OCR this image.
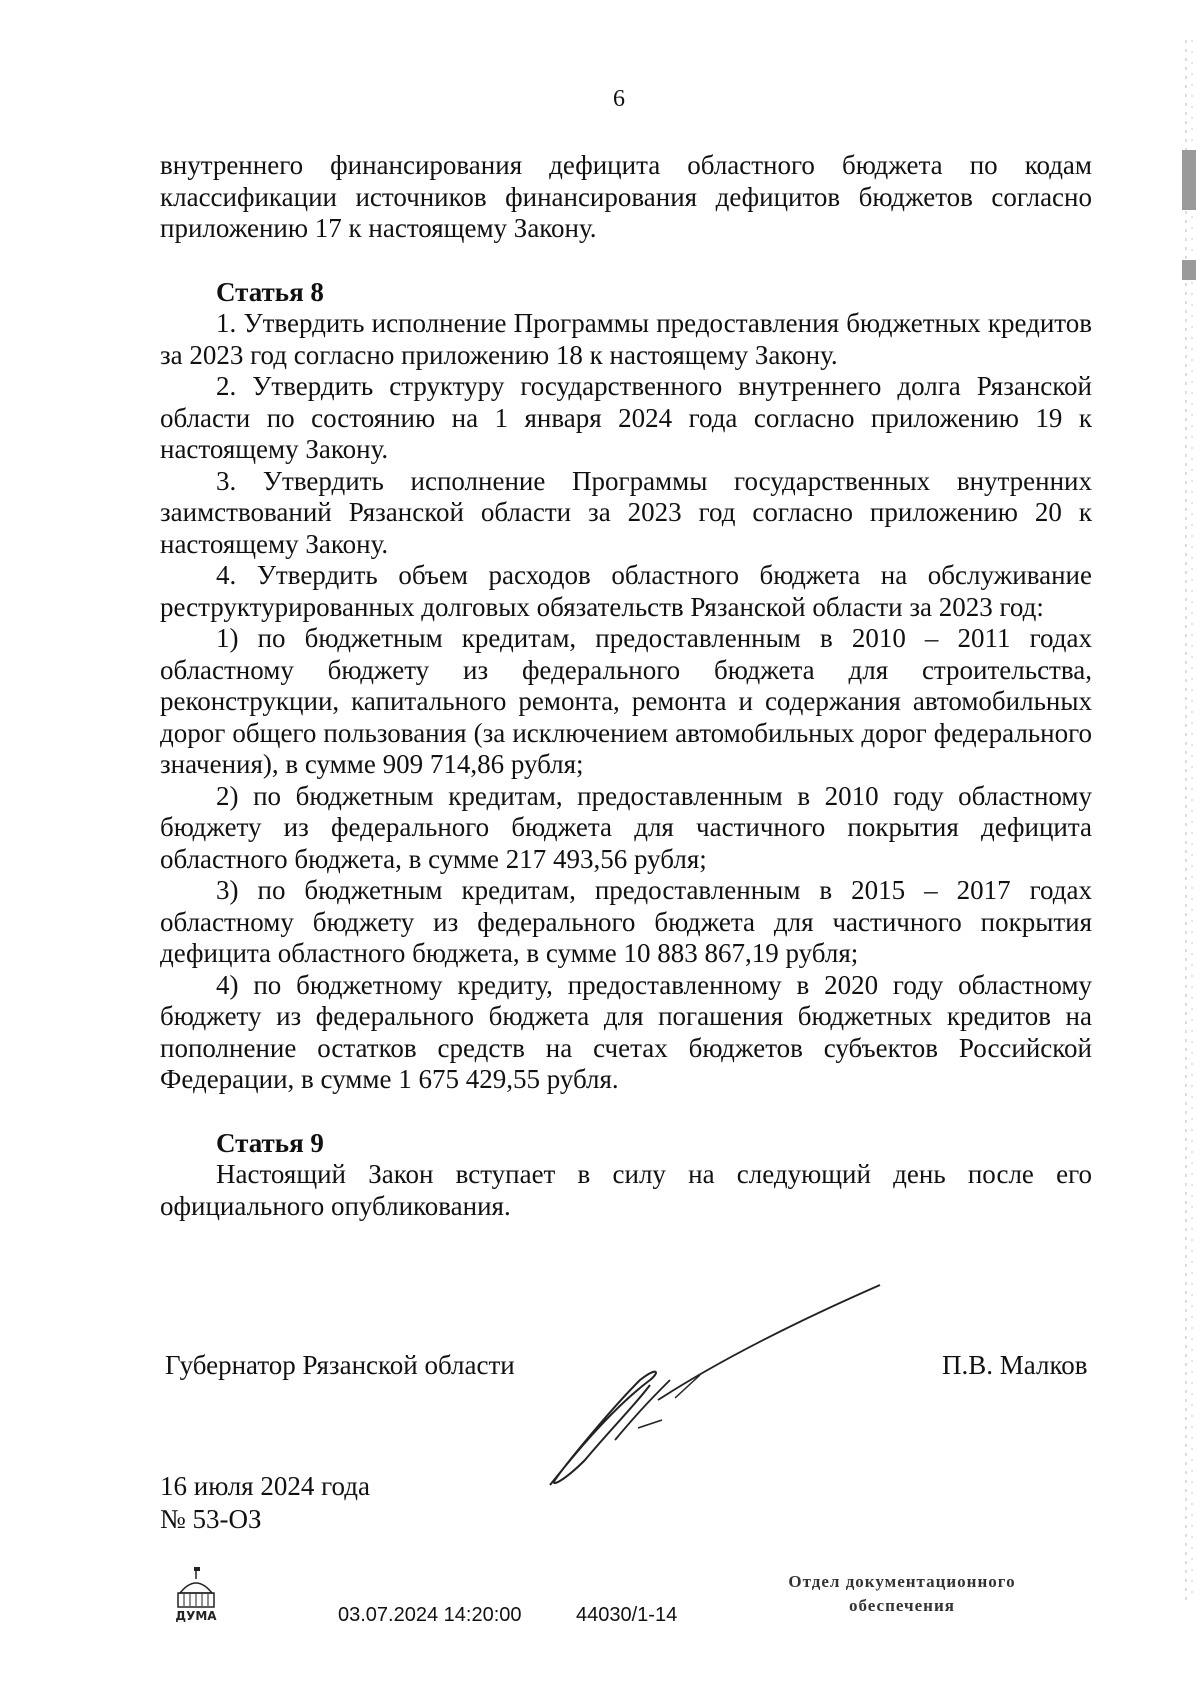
6

внутреннего финансирования дефицита областного бюджета по кодам классификации источников финансирования дефицитов бюджетов согласно приложению 17 к настоящему Закону.

Статья 8

1. Утвердить исполнение Программы предоставления бюджетных кредитов за 2023 год согласно приложению 18 к настоящему Закону.

2. Утвердить структуру государственного внутреннего долга Рязанской области по состоянию на 1 января 2024 года согласно приложению 19 к настоящему Закону.

3. Утвердить исполнение Программы государственных внутренних заимствований Рязанской области за 2023 год согласно приложению 20 к настоящему Закону.

4. Утвердить объем расходов областного бюджета на обслуживание реструктурированных долговых обязательств Рязанской области за 2023 год:

1) по бюджетным кредитам, предоставленным в 2010 – 2011 годах областному бюджету из федерального бюджета для строительства, реконструкции, капитального ремонта, ремонта и содержания автомобильных дорог общего пользования (за исключением автомобильных дорог федерального значения), в сумме 909 714,86 рубля;

2) по бюджетным кредитам, предоставленным в 2010 году областному бюджету из федерального бюджета для частичного покрытия дефицита областного бюджета, в сумме 217 493,56 рубля;

3) по бюджетным кредитам, предоставленным в 2015 – 2017 годах областному бюджету из федерального бюджета для частичного покрытия дефицита областного бюджета, в сумме 10 883 867,19 рубля;

4) по бюджетному кредиту, предоставленному в 2020 году областному бюджету из федерального бюджета для погашения бюджетных кредитов на пополнение остатков средств на счетах бюджетов субъектов Российской Федерации, в сумме 1 675 429,55 рубля.

Статья 9

Настоящий Закон вступает в силу на следующий день после его официального опубликования.

Губернатор Рязанской области	П.В. Малков
16 июля 2024 года
№ 53-ОЗ
ДУМА	03.07.2024 14:20:00	44030/1-14
Отдел документационного
обеспечения
